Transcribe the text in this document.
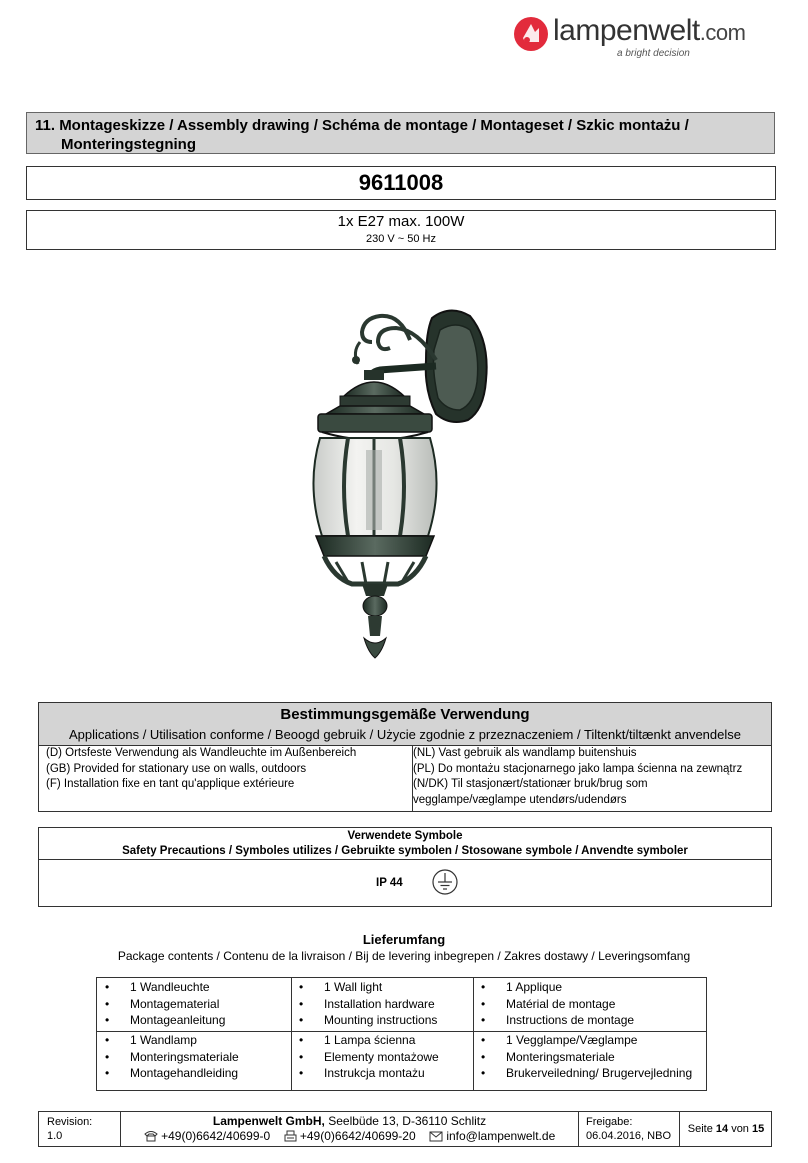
lampenwelt.com
a bright decision
11. Montageskizze / Assembly drawing / Schéma de montage / Montageset / Szkic montażu /
Monteringstegning
9611008
1x E27 max. 100W
230 V ~ 50 Hz
Bestimmungsgemäße Verwendung
Applications / Utilisation conforme / Beoogd gebruik / Użycie zgodnie z przeznaczeniem / Tiltenkt/tiltænkt anvendelse
(D) Ortsfeste Verwendung als Wandleuchte im Außenbereich
(GB) Provided for stationary use on walls, outdoors
(F) Installation fixe en tant qu'applique extérieure
(NL) Vast gebruik als wandlamp buitenshuis
(PL) Do montażu stacjonarnego jako lampa ścienna na zewnątrz
(N/DK) Til stasjonært/stationær bruk/brug som
vegglampe/væglampe utendørs/udendørs
Verwendete Symbole
Safety Precautions / Symboles utilizes / Gebruikte symbolen / Stosowane symbole / Anvendte symboler
IP 44
Lieferumfang
Package contents / Contenu de la livraison / Bij de levering inbegrepen / Zakres dostawy / Leveringsomfang
• 1 Wandleuchte
• Montagematerial
• Montageanleitung
• 1 Wall light
• Installation hardware
• Mounting instructions
• 1 Applique
• Matérial de montage
• Instructions de montage
• 1 Wandlamp
• Monteringsmateriale
• Montagehandleiding
• 1 Lampa ścienna
• Elementy montażowe
• Instrukcja montażu
• 1 Vegglampe/Væglampe
• Monteringsmateriale
• Brukerveiledning/ Brugervejledning
Revision:
1.0
Lampenwelt GmbH, Seelbüde 13, D-36110 Schlitz
+49(0)6642/40699-0 +49(0)6642/40699-20	info@lampenwelt.de
Freigabe:
06.04.2016, NBO
Seite 14 von 15
